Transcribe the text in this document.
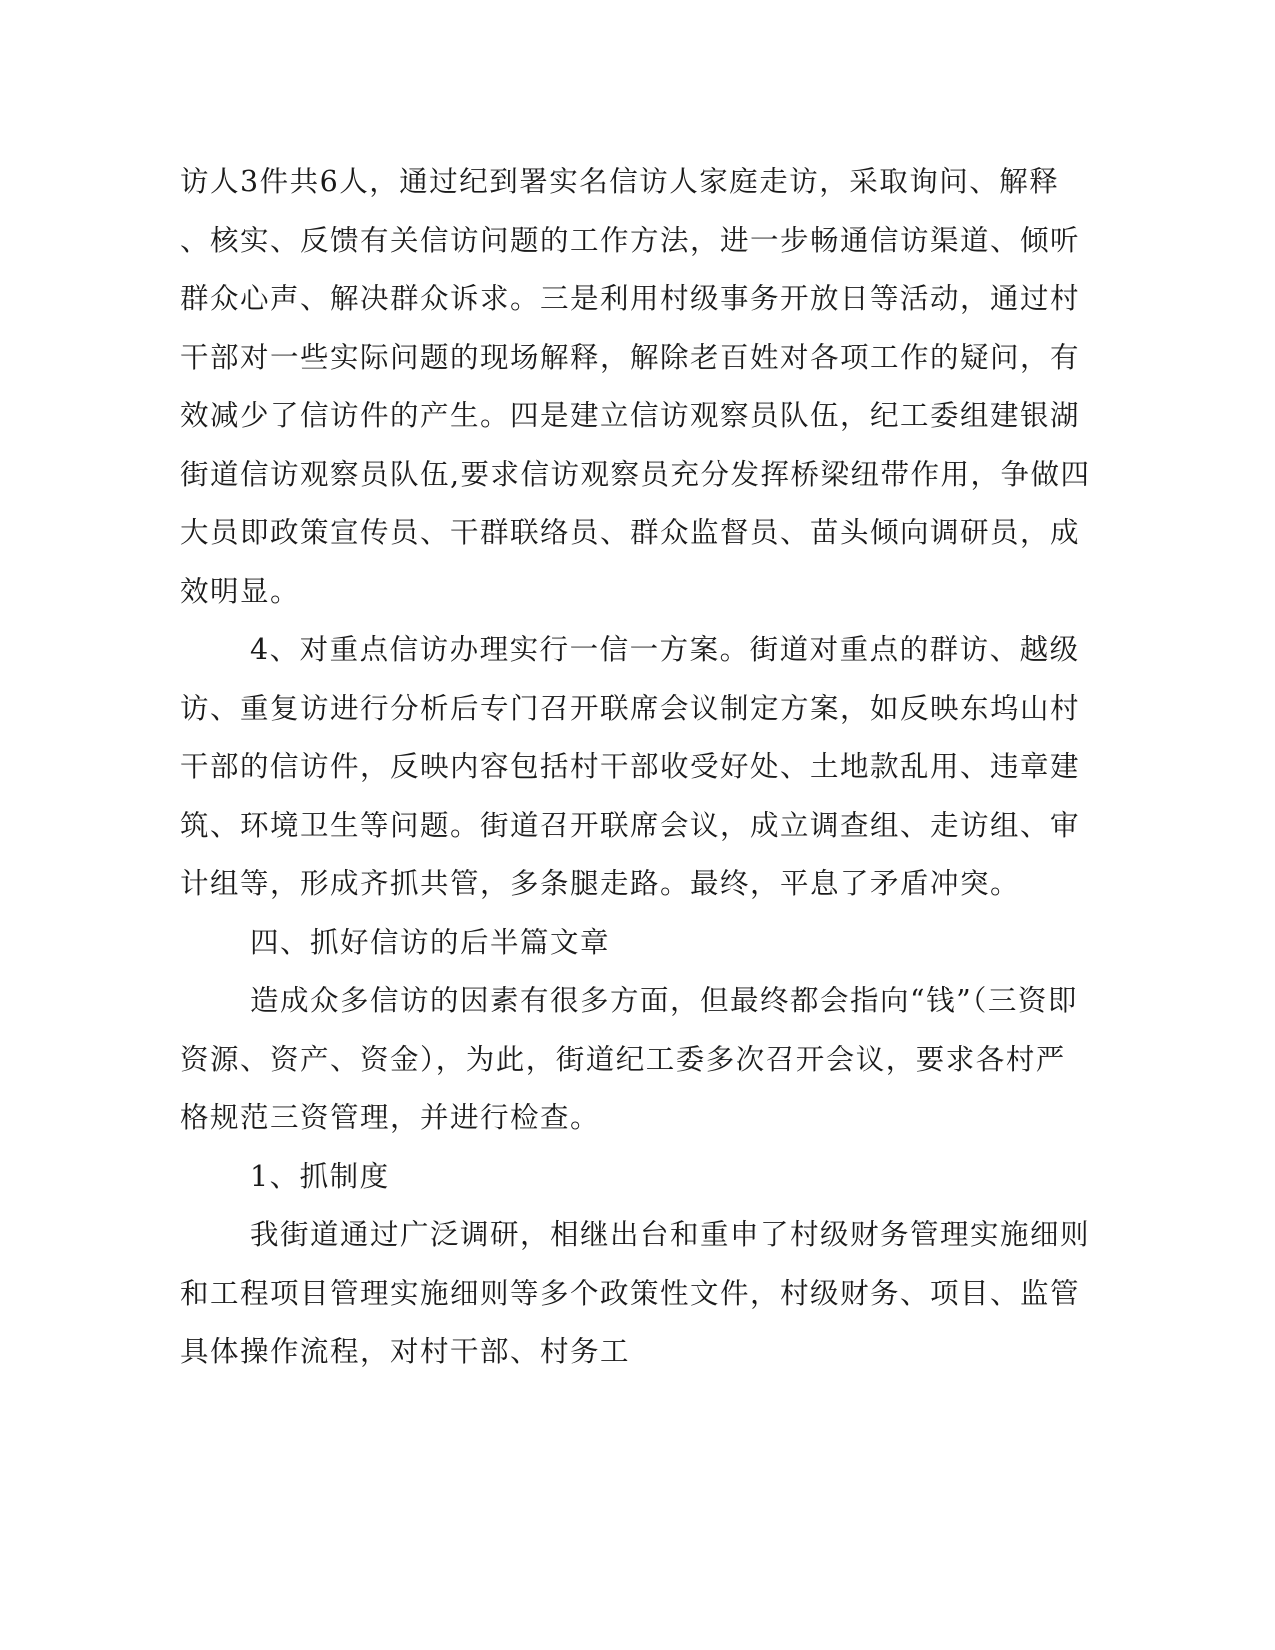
访人3件共6人，通过纪到署实名信访人家庭走访，采取询问、解释
、核实、反馈有关信访问题的工作方法，进一步畅通信访渠道、倾听
群众心声、解决群众诉求。三是利用村级事务开放日等活动，通过村
干部对一些实际问题的现场解释，解除老百姓对各项工作的疑问，有
效减少了信访件的产生。四是建立信访观察员队伍，纪工委组建银湖
街道信访观察员队伍,要求信访观察员充分发挥桥梁纽带作用，争做四
大员即政策宣传员、干群联络员、群众监督员、苗头倾向调研员，成
效明显。
4、对重点信访办理实行一信一方案。街道对重点的群访、越级
访、重复访进行分析后专门召开联席会议制定方案，如反映东坞山村
干部的信访件，反映内容包括村干部收受好处、土地款乱用、违章建
筑、环境卫生等问题。街道召开联席会议，成立调查组、走访组、审
计组等，形成齐抓共管，多条腿走路。最终，平息了矛盾冲突。
四、抓好信访的后半篇文章
造成众多信访的因素有很多方面，但最终都会指向“钱”（三资即
资源、资产、资金），为此，街道纪工委多次召开会议，要求各村严
格规范三资管理，并进行检查。
1、抓制度
我街道通过广泛调研，相继出台和重申了村级财务管理实施细则
和工程项目管理实施细则等多个政策性文件，村级财务、项目、监管
具体操作流程，对村干部、村务工
